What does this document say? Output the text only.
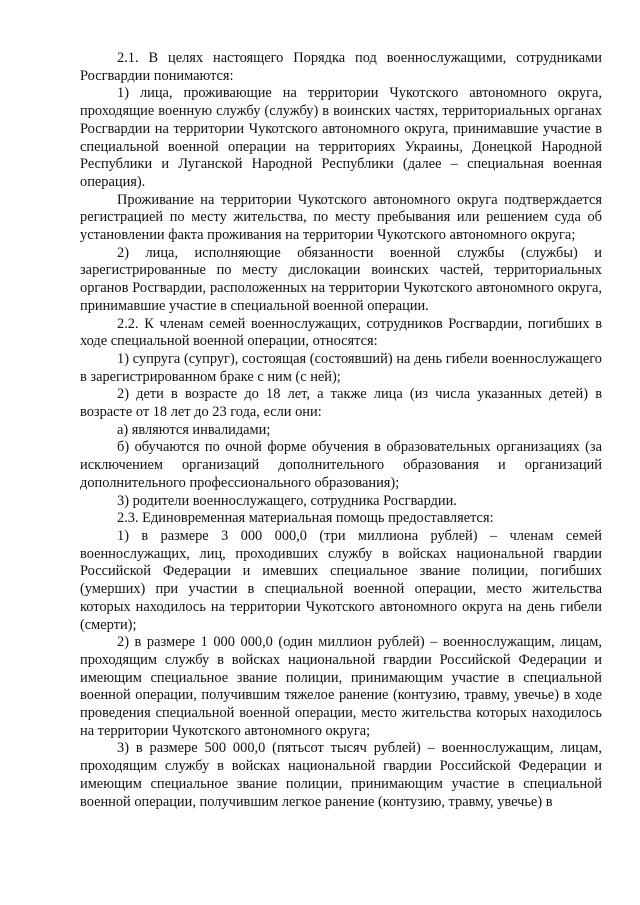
2.1. В целях настоящего Порядка под военнослужащими, сотрудниками Росгвардии понимаются:

1) лица, проживающие на территории Чукотского автономного округа, проходящие военную службу (службу) в воинских частях, территориальных органах Росгвардии на территории Чукотского автономного округа, принимавшие участие в специальной военной операции на территориях Украины, Донецкой Народной Республики и Луганской Народной Республики (далее – специальная военная операция).

Проживание на территории Чукотского автономного округа подтверждается регистрацией по месту жительства, по месту пребывания или решением суда об установлении факта проживания на территории Чукотского автономного округа;

2) лица, исполняющие обязанности военной службы (службы) и зарегистрированные по месту дислокации воинских частей, территориальных органов Росгвардии, расположенных на территории Чукотского автономного округа, принимавшие участие в специальной военной операции.

2.2. К членам семей военнослужащих, сотрудников Росгвардии, погибших в ходе специальной военной операции, относятся:

1) супруга (супруг), состоящая (состоявший) на день гибели военнослужащего в зарегистрированном браке с ним (с ней);

2) дети в возрасте до 18 лет, а также лица (из числа указанных детей) в возрасте от 18 лет до 23 года, если они:

а) являются инвалидами;

б) обучаются по очной форме обучения в образовательных организациях (за исключением организаций дополнительного образования и организаций дополнительного профессионального образования);

3) родители военнослужащего, сотрудника Росгвардии.

2.3. Единовременная материальная помощь предоставляется:

1) в размере 3 000 000,0 (три миллиона рублей) – членам семей военнослужащих, лиц, проходивших службу в войсках национальной гвардии Российской Федерации и имевших специальное звание полиции, погибших (умерших) при участии в специальной военной операции, место жительства которых находилось на территории Чукотского автономного округа на день гибели (смерти);

2) в размере 1 000 000,0 (один миллион рублей) – военнослужащим, лицам, проходящим службу в войсках национальной гвардии Российской Федерации и имеющим специальное звание полиции, принимающим участие в специальной военной операции, получившим тяжелое ранение (контузию, травму, увечье) в ходе проведения специальной военной операции, место жительства которых находилось на территории Чукотского автономного округа;

3) в размере 500 000,0 (пятьсот тысяч рублей) – военнослужащим, лицам, проходящим службу в войсках национальной гвардии Российской Федерации и имеющим специальное звание полиции, принимающим участие в специальной военной операции, получившим легкое ранение (контузию, травму, увечье) в
